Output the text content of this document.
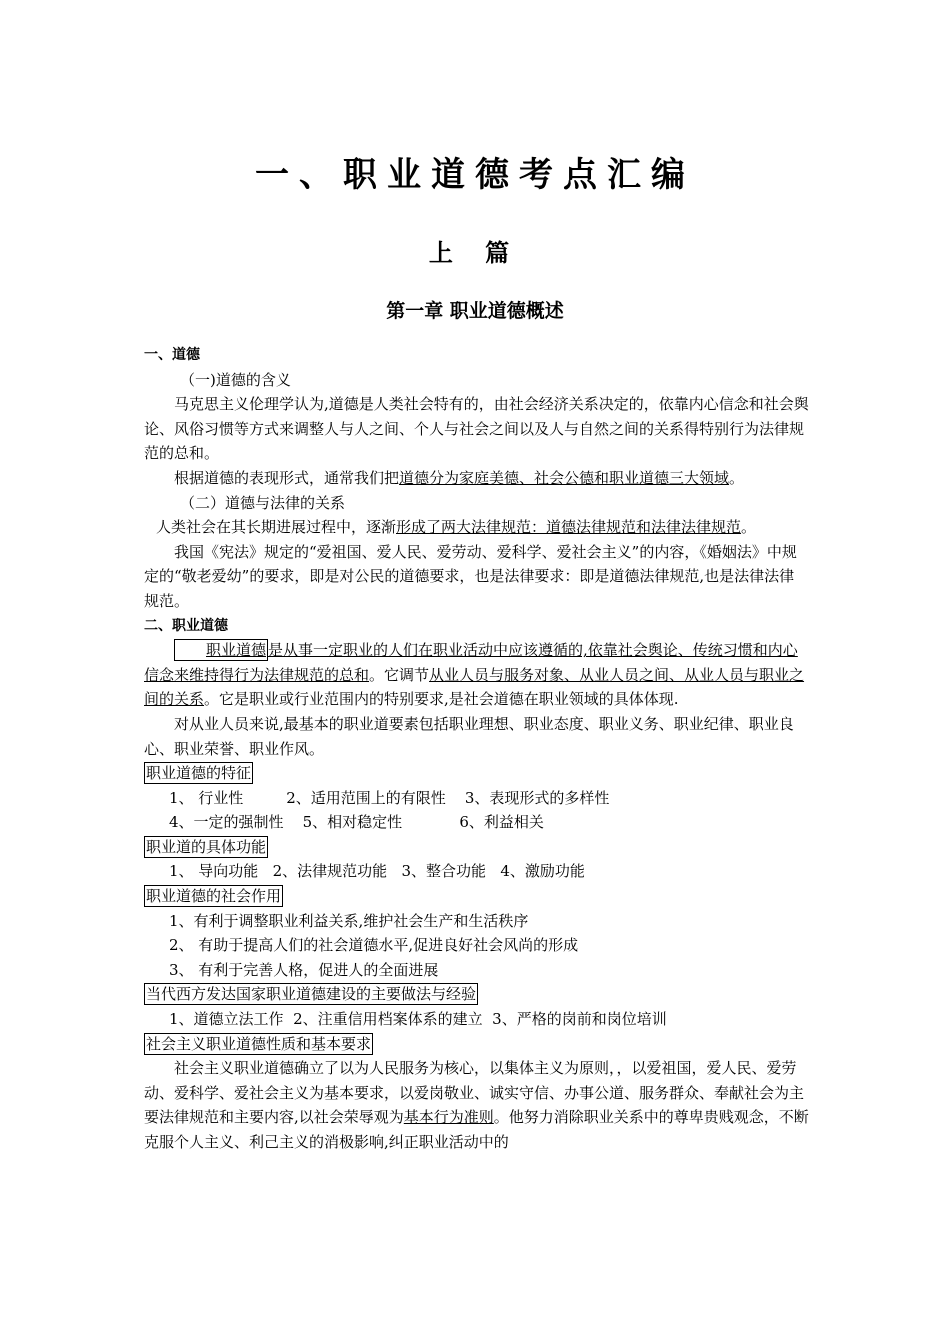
一、职业道德考点汇编
上 篇
第一章 职业道德概述

一、道德

（一)道德的含义

马克思主义伦理学认为,道德是人类社会特有的，由社会经济关系决定的，依靠内心信念和社会舆论、风俗习惯等方式来调整人与人之间、个人与社会之间以及人与自然之间的关系得特别行为法律规范的总和。

根据道德的表现形式，通常我们把道德分为家庭美德、社会公德和职业道德三大领域。

（二）道德与法律的关系

人类社会在其长期进展过程中，逐渐形成了两大法律规范：道德法律规范和法律法律规范。

我国《宪法》规定的“爱祖国、爱人民、爱劳动、爱科学、爱社会主义”的内容，《婚姻法》中规定的“敬老爱幼”的要求，即是对公民的道德要求，也是法律要求：即是道德法律规范,也是法律法律规范。

二、职业道德

职业道德 是从事一定职业的人们在职业活动中应该遵循的,依靠社会舆论、传统习惯和内心信念来维持得行为法律规范的总和。它调节从业人员与服务对象、从业人员之间、从业人员与职业之间的关系。它是职业或行业范围内的特别要求,是社会道德在职业领域的具体体现.

对从业人员来说,最基本的职业道要素包括职业理想、职业态度、职业义务、职业纪律、职业良心、职业荣誉、职业作风。

职业道德的特征

1、 行业性         2、适用范围上的有限性    3、表现形式的多样性

4、一定的强制性    5、相对稳定性            6、利益相关

职业道的具体功能

1、 导向功能   2、法律规范功能   3、整合功能   4、激励功能

职业道德的社会作用

1、有利于调整职业利益关系,维护社会生产和生活秩序

2、 有助于提高人们的社会道德水平,促进良好社会风尚的形成

3、 有利于完善人格，促进人的全面进展

当代西方发达国家职业道德建设的主要做法与经验

1、道德立法工作  2、注重信用档案体系的建立  3、严格的岗前和岗位培训

社会主义职业道德性质和基本要求

社会主义职业道德确立了以为人民服务为核心，以集体主义为原则，，以爱祖国，爱人民、爱劳动、爱科学、爱社会主义为基本要求，以爱岗敬业、诚实守信、办事公道、服务群众、奉献社会为主要法律规范和主要内容,以社会荣辱观为基本行为准则。他努力消除职业关系中的尊卑贵贱观念，不断克服个人主义、利己主义的消极影响,纠正职业活动中的
